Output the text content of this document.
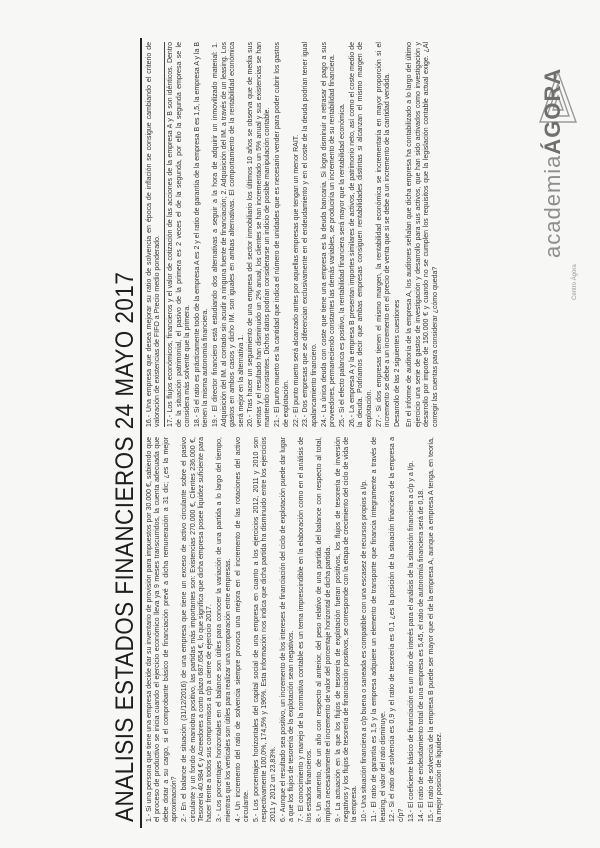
academiaÁGORA
Centro Ágora
ANALISIS ESTADOS FINANCIEROS 24 MAYO 2017 1.- Si una persona que tiene una empresa decide dar su inventario de provisión para impuestos por 30.000 €, sabiendo que el proceso de productivo se inicia cuando el ejercicio económico lleva ya 9 meses transcurridos, la cuenta adecuada que debe dotar a su cargo, si el comprobante básico de financiación prevé a dicha remuneración a 31 dic; ¿es la mejor aproximación? 2.- En el balance de situación (31/12/2016) de una empresa que tiene un exceso de activo circulante sobre el pasivo circulante y un fondo de maniobra positivo, las partidas más importantes son: Existencias 270.000 €, Clientes 236.000 €, Tesorería 40.984 € y Acreedores a corto plazo 687.654 €, lo que significa que dicha empresa posee liquidez suficiente para hacer frente a todos sus compromisos a c/p a cierre de ejercicio 2017. 3.- Los porcentajes horizontales en el balance son útiles para conocer la variación de una partida a lo largo del tiempo, mientras que los verticales son útiles para realizar una comparación entre empresas. 4.- Un incremento del ratio de solvencia siempre provoca una mejora en el incremento de las rotaciones del activo circulante. 5.- Los porcentajes horizontales del capital social de una empresa en cuanto a los ejercicios 2012, 2011 y 2010 son respectivamente 100,0%, 174,5% y 196%. Esta información nos indica que dicha partida ha disminuido entre los ejercicios 2011 y 2012 un 23,83%. 6.- Aunque el resultado sea positivo, un incremento de los intereses de financiación del ciclo de explotación puede dar lugar a que los flujos de tesorería de la explotación sean negativos. 7.- El conocimiento y manejo de la normativa contable es un tema imprescindible en la elaboración como en el análisis de los estados financieros. 8.- Un aumento, de un año con respecto al anterior, del peso relativo de una partida del balance con respecto al total, implica necesariamente el incremento de valor del porcentaje horizontal de dicha partida. 9.- La actuación en la que los flujos de tesorería de explotación fueran positivos, los flujos de tesorería de inversión negativos y los flujos de tesorería de financiación positivos, se corresponde con la etapa de crecimiento del ciclo de vida de la empresa. 10.- Una situación financiera a c/p buena o saneada es compatible con una escasez de recursos propios a l/p. 11.- El ratio de garantía es 1,5 y la empresa adquiere un elemento de transporte que financia íntegramente a través de leasing, el valor del ratio disminuye. 12.- Si el ratio de solvencia es 0,9 y el ratio de tesorería es 0,1 ¿es la posición de la situación financiera de la empresa a c/p? 13.- El coeficiente básico de financiación es un ratio de interés para el análisis de la situación financiera a c/p y a l/p. 14.- El ratio de endeudamiento total de una empresa es 5,45, el ratio de autonomía financiera será de 0,18. 15.- El ratio de solvencia de la empresa B puede ser mayor que el de la empresa A, aunque a empresa A tenga, en teoría, la mejor posición de liquidez.
16.- Una empresa que desea mejorar su ratio de solvencia en época de inflación se consigue cambiando el criterio de valoración de existencias de FIFO a Precio medio ponderado. 17.- Los flujos económicos, financieros y el valor de cotización de las acciones de la empresa A y B son idénticos. Dentro de la situación patrimonial, el pasivo de la primera es 2 veces el de la segunda, por ello la segunda empresa se le considera más solvente que la primera. 18.- Si el ratio es prácticamente todo de la empresa A es 2 y el ratio de garantía de la empresa B es 1,5, la empresa A y la B tienen la misma autonomía financiera. 19.- El director financiero está estudiando dos alternativas a seguir a la hora de adquirir un inmovilizado material: 1. Adquisición del IM. al contado sin acudir a ninguna fuente de financiación; 2. Adquisición del IM. a través de un leasing. Los gastos en ambos casos y dicho IM. son iguales en ambas alternativas. El comportamiento de la rentabilidad económica será mejor en la alternativa 1. 20.- Tras hacer un seguimiento de una empresa del sector inmobiliario los últimos 10 años se observa que de media sus ventas y el resultado han disminuido un 2% anual, los clientes se han incrementado un 5% anual y sus existencias se han mantenido constantes. Dichos datos podrían considerarse un indicio de posible manipulación contable. 21.- El punto muerto es la cantidad que indica el número de unidades que es necesario vender para poder cubrir los gastos de explotación. 22.- El punto muerto será alcanzado antes por aquellas empresas que tengan un menor RAIT. 23.- Dos empresas que se diferencian exclusivamente en el endeudamiento y en el coste de la deuda podrían tener igual apalancamiento financiero. 24.- La única deuda con coste que tiene una empresa es la deuda bancaria. Si logra disminuir a retrasar el pago a sus proveedores, permaneciendo constantes las demás variables, se produciría un incremento de su rentabilidad financiera. 25.- Si el efecto palanca es positivo, la rentabilidad financiera será mayor que la rentabilidad económica. 26.- La empresa A y la empresa B presentan importes similares de activos, de patrimonio neto, así como el coste medio de la deuda. Podríamos decir que ambas empresas consiguen rentabilidades distintas si alcanzan el mismo margen de explotación. 27.- Si dos empresas tienen el mismo margen, la rentabilidad económica se incrementaría en mayor proporción si el incremento se debe a un incremento en el precio de venta que si se debe a un incremento de la cantidad vendida. Desarrollo de las 2 siguientes cuestiones En el informe de auditoría de la empresa A, los auditores señalan que dicha empresa ha contabilizado a lo largo del último ejercicio una serie de gastos de investigación y desarrollo para sus activos, que han sido activados como investigación y desarrollo por importe de 150.000 € y cuando no se cumplen los requisitos que la legislación contable actual exige. ¿Al corregir las cuentas para considerar ¿cómo queda?
